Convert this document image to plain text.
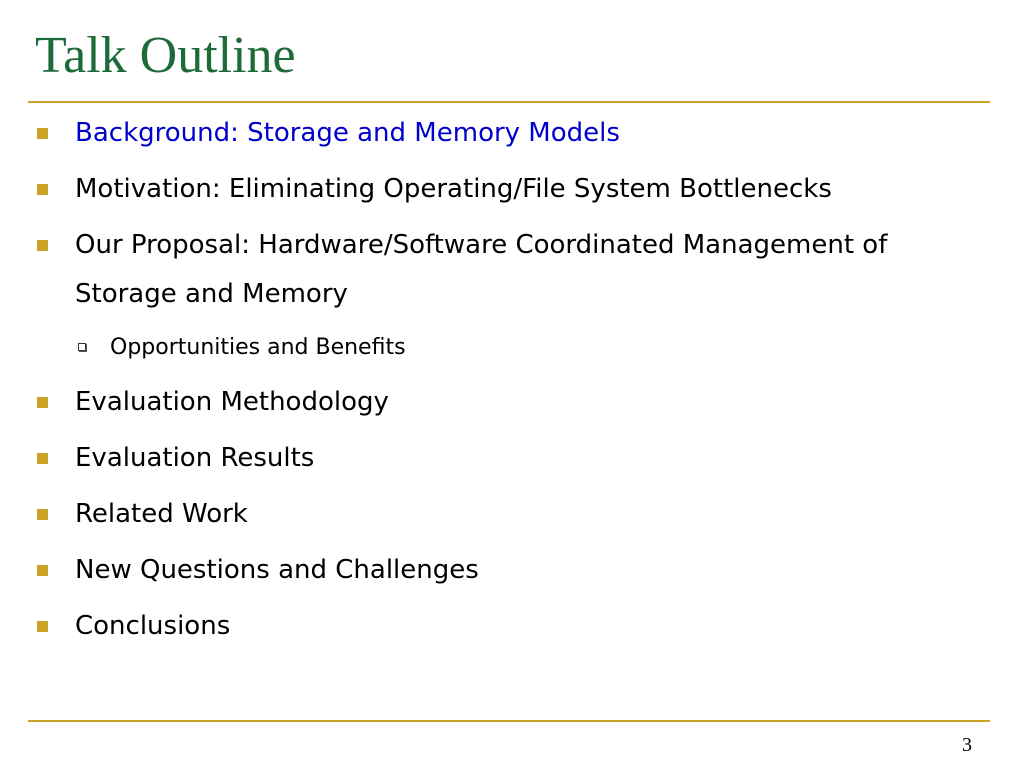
Talk Outline
Background: Storage and Memory Models
Motivation: Eliminating Operating/File System Bottlenecks
Our Proposal: Hardware/Software Coordinated Management of
Storage and Memory
Opportunities and Benefits
Evaluation Methodology
Evaluation Results
Related Work
New Questions and Challenges
Conclusions
3
